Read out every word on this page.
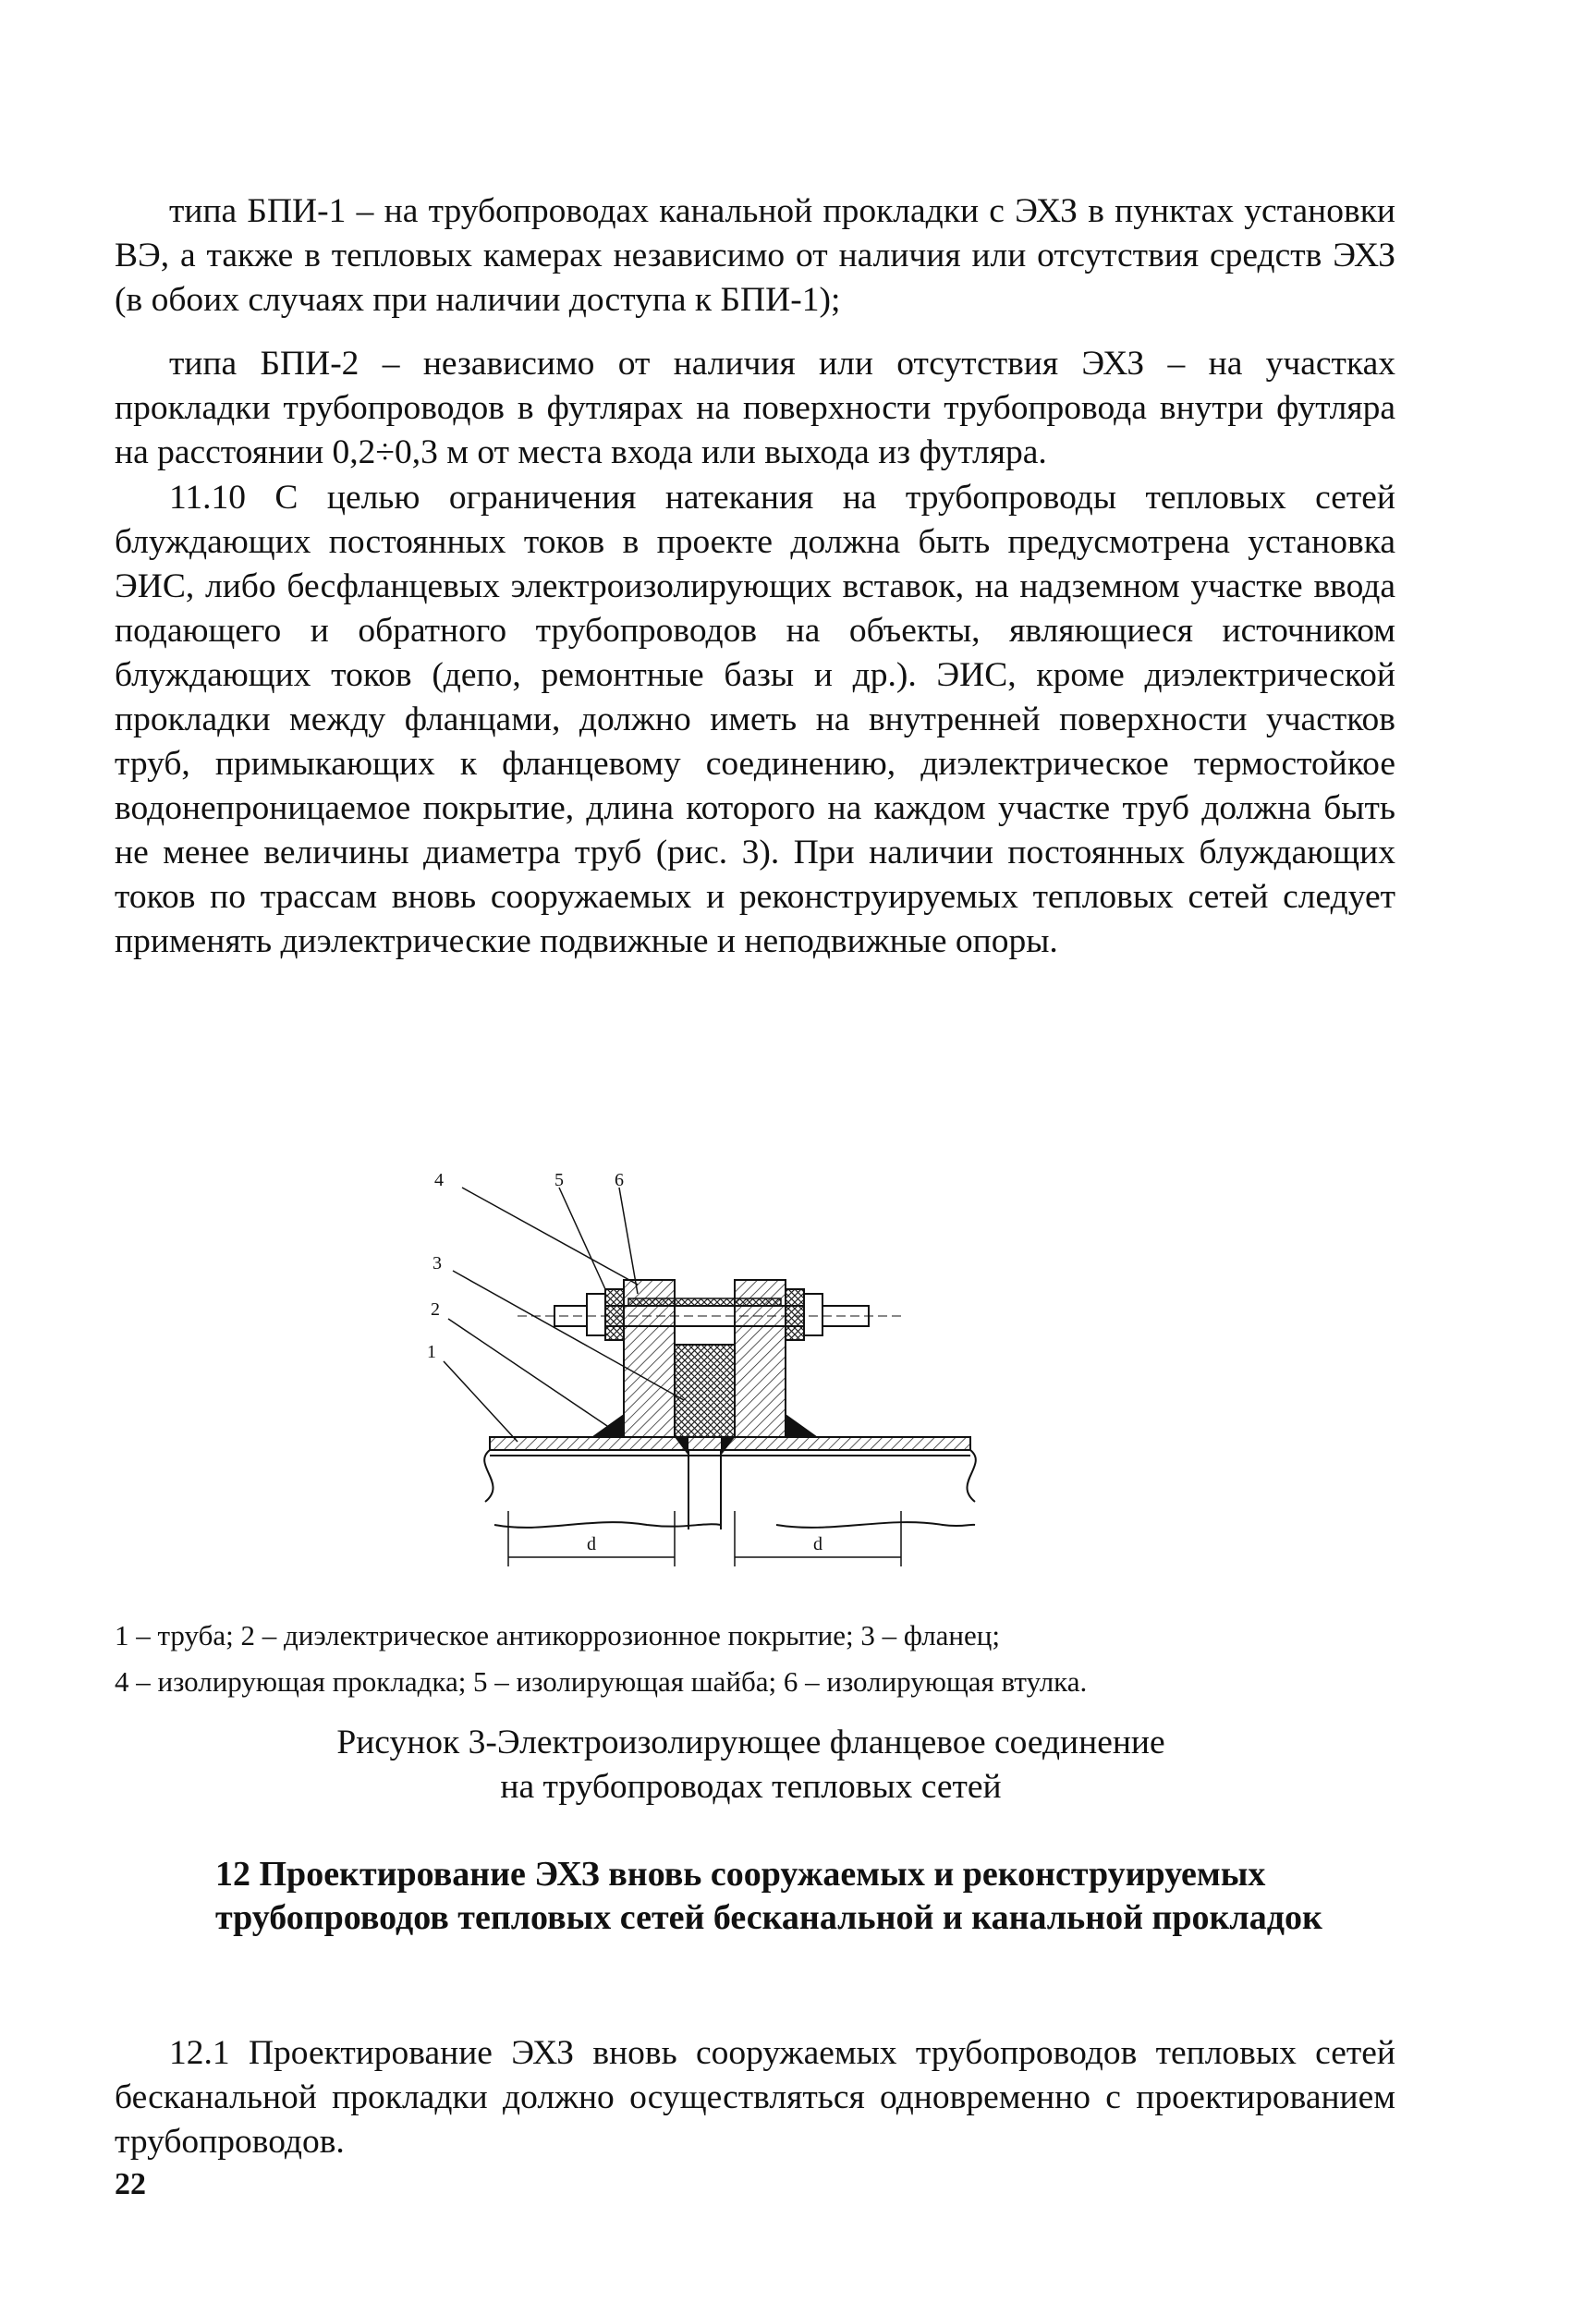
типа БПИ-1 – на трубопроводах канальной прокладки с ЭХЗ в пунктах установки ВЭ, а также в тепловых камерах независимо от наличия или отсутствия средств ЭХЗ (в обоих случаях при наличии доступа к БПИ-1);

типа БПИ-2 – независимо от наличия или отсутствия ЭХЗ – на участках прокладки трубопроводов в футлярах на поверхности трубопровода внутри футляра на расстоянии 0,2÷0,3 м от места входа или выхода из футляра.

11.10 С целью ограничения натекания на трубопроводы тепловых сетей блуждающих постоянных токов в проекте должна быть предусмотрена установка ЭИС, либо бесфланцевых электроизолирующих вставок, на надземном участке ввода подающего и обратного трубопроводов на объекты, являющиеся источником блуждающих токов (депо, ремонтные базы и др.). ЭИС, кроме диэлектрической прокладки между фланцами, должно иметь на внутренней поверхности участков труб, примыкающих к фланцевому соединению, диэлектрическое термостойкое водонепроницаемое покрытие, длина которого на каждом участке труб должна быть не менее величины диаметра труб (рис. 3). При наличии постоянных блуждающих токов по трассам вновь сооружаемых и реконструируемых тепловых сетей следует применять диэлектрические подвижные и неподвижные опоры.

4	5	6
3
2
1
d	d

1 – труба; 2 – диэлектрическое антикоррозионное покрытие; 3 – фланец;

4 – изолирующая прокладка; 5 – изолирующая шайба; 6 – изолирующая втулка.

Рисунок 3-Электроизолирующее фланцевое соединение

на трубопроводах тепловых сетей

12 Проектирование ЭХЗ вновь сооружаемых и реконструируемых трубопроводов тепловых сетей бесканальной и канальной прокладок

12.1 Проектирование ЭХЗ вновь сооружаемых трубопроводов тепловых сетей бесканальной прокладки должно осуществляться одновременно с проектированием трубопроводов.

22
